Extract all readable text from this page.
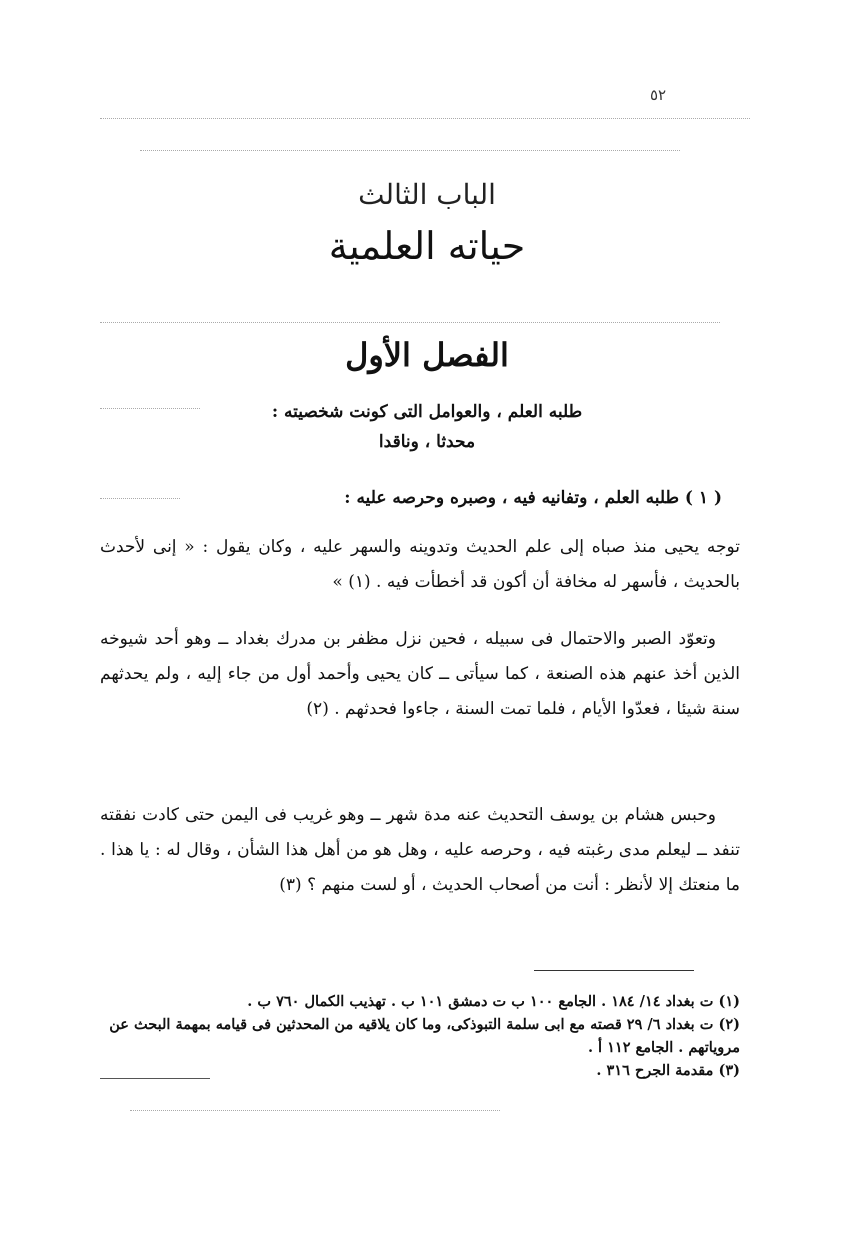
٥٢
الباب الثالث
حياته العلمية
الفصل الأول
طلبه العلم ، والعوامل التى كونت شخصيته :
محدثا ، وناقدا
( ١ ) طلبه العلم ، وتفانيه فيه ، وصبره وحرصه عليه :

توجه يحيى منذ صباه إلى علم الحديث وتدوينه والسهر عليه ، وكان يقول : « إنى لأحدث بالحديث ، فأسهر له مخافة أن أكون قد أخطأت فيه . (١) »

وتعوّد الصبر والاحتمال فى سبيله ، فحين نزل مظفر بن مدرك بغداد ــ وهو أحد شيوخه الذين أخذ عنهم هذه الصنعة ، كما سيأتى ــ كان يحيى وأحمد أول من جاء إليه ، ولم يحدثهم سنة شيئا ، فعدّوا الأيام ، فلما تمت السنة ، جاءوا فحدثهم . (٢)

وحبس هشام بن يوسف التحديث عنه مدة شهر ــ وهو غريب فى اليمن حتى كادت نفقته تنفد ــ ليعلم مدى رغبته فيه ، وحرصه عليه ، وهل هو من أهل هذا الشأن ، وقال له : يا هذا . ما منعتك إلا لأنظر : أنت من أصحاب الحديث ، أو لست منهم ؟ (٣)

(١) ت بغداد ١٤/ ١٨٤ . الجامع ١٠٠ ب ت دمشق ١٠١ ب . تهذيب الكمال ٧٦٠ ب .

(٢) ت بغداد ٦/ ٢٩ قصته مع ابى سلمة التبوذكى، وما كان يلاقيه من المحدثين فى قيامه بمهمة البحث عن مروياتهم . الجامع ١١٢ أ .

(٣) مقدمة الجرح ٣١٦ .
